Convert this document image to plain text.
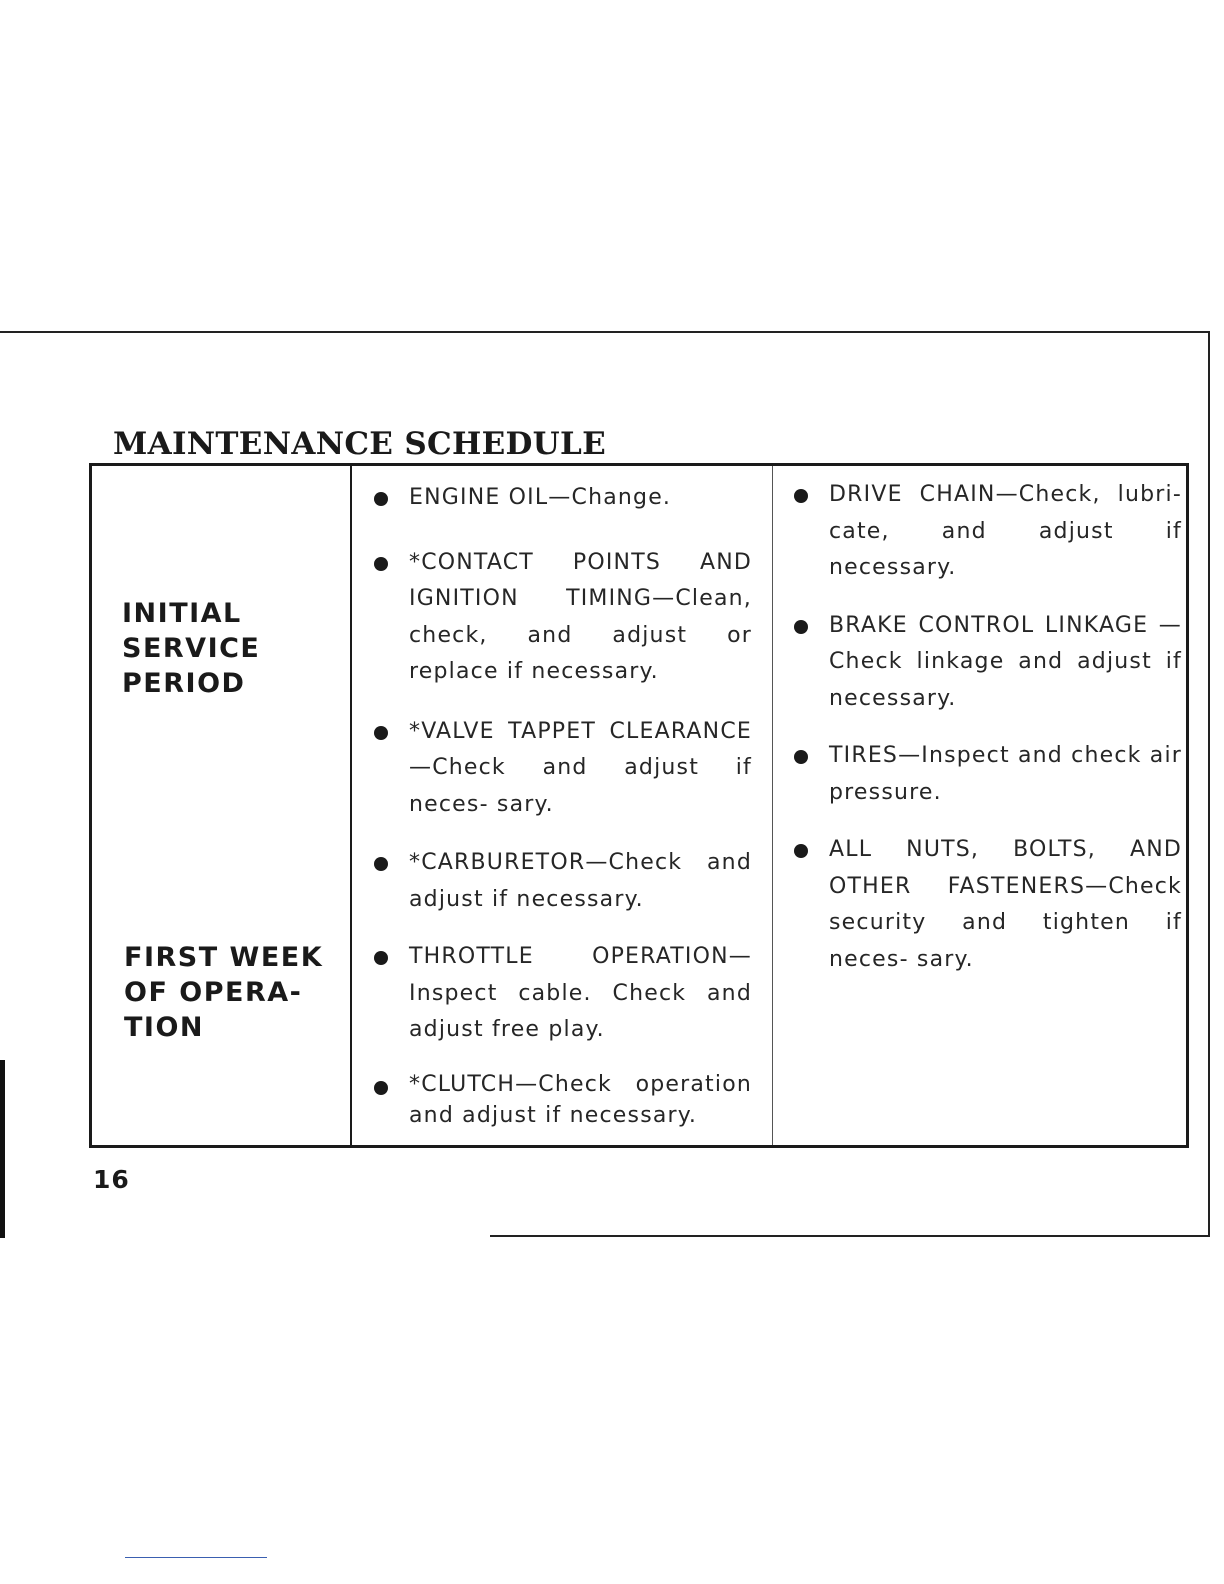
MAINTENANCE SCHEDULE
INITIAL
SERVICE
PERIOD
FIRST WEEK
OF OPERA-
TION
ENGINE OIL—Change.
*CONTACT POINTS AND IGNITION TIMING—Clean, check, and adjust or replace if necessary.
*VALVE TAPPET CLEARANCE —Check and adjust if neces- sary.
*CARBURETOR—Check and adjust if necessary.
THROTTLE OPERATION— Inspect cable. Check and adjust free play.
*CLUTCH—Check operation and adjust if necessary.
DRIVE CHAIN—Check, lubri- cate, and adjust if necessary.
BRAKE CONTROL LINKAGE —Check linkage and adjust if necessary.
TIRES—Inspect and check air pressure.
ALL NUTS, BOLTS, AND OTHER FASTENERS—Check security and tighten if neces- sary.

16
